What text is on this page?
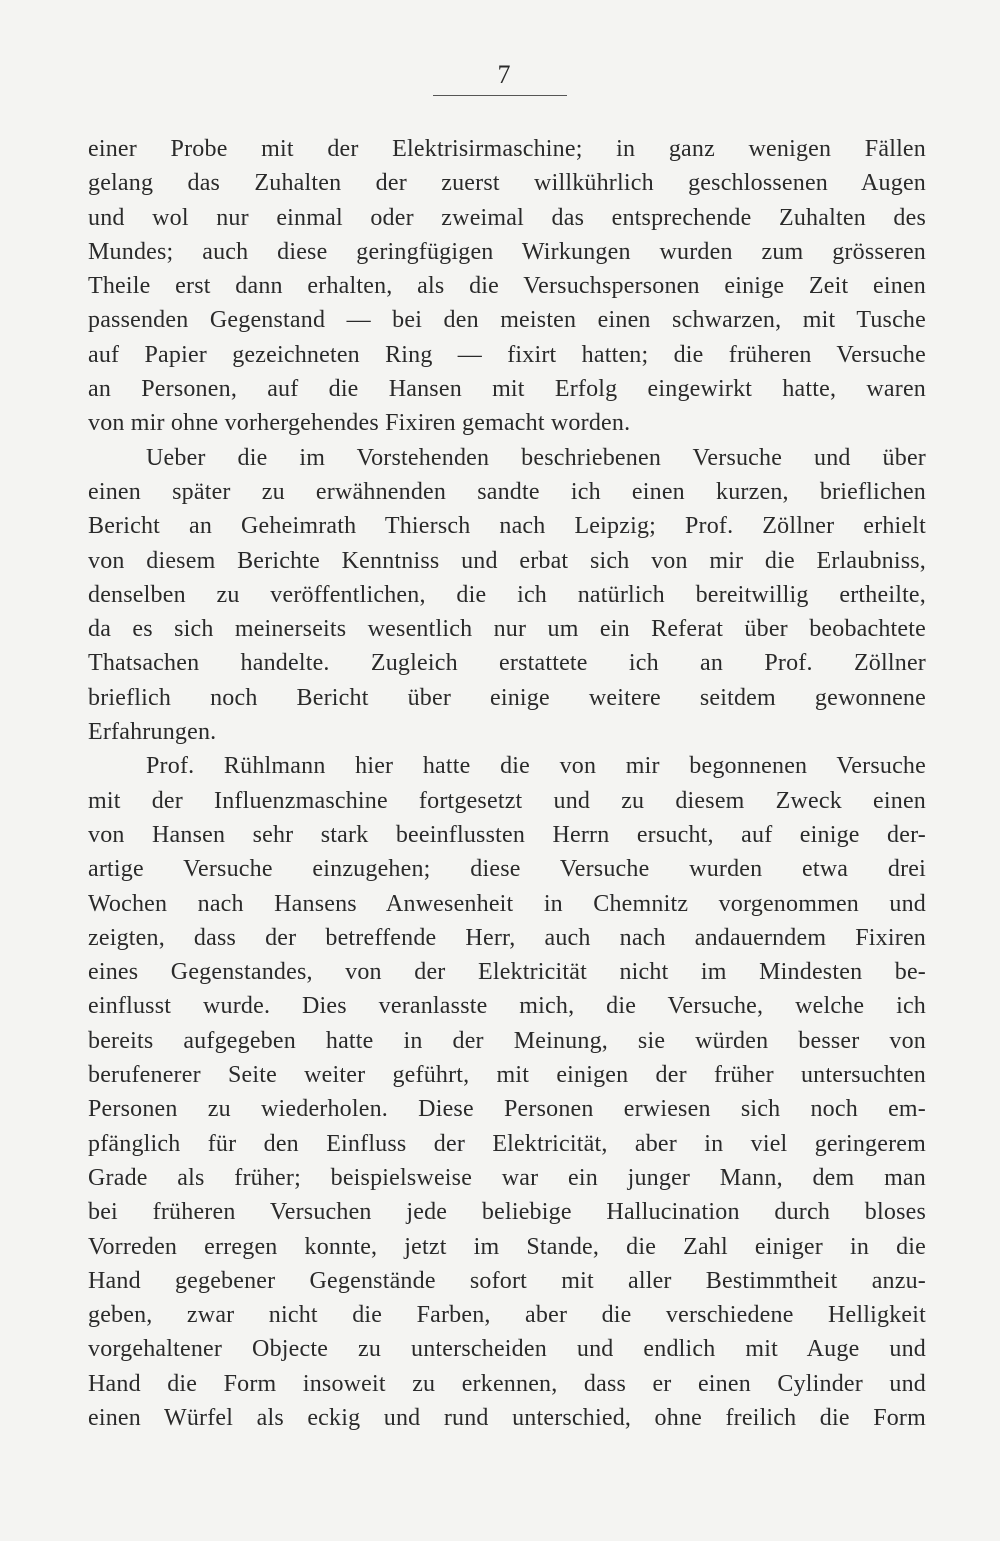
7
einer Probe mit der Elektrisirmaschine; in ganz wenigen Fällen
gelang das Zuhalten der zuerst willkührlich geschlossenen Augen
und wol nur einmal oder zweimal das entsprechende Zuhalten des
Mundes; auch diese geringfügigen Wirkungen wurden zum grösseren
Theile erst dann erhalten, als die Versuchspersonen einige Zeit einen
passenden Gegenstand — bei den meisten einen schwarzen, mit Tusche
auf Papier gezeichneten Ring — fixirt hatten; die früheren Versuche
an Personen, auf die Hansen mit Erfolg eingewirkt hatte, waren
von mir ohne vorhergehendes Fixiren gemacht worden.
Ueber die im Vorstehenden beschriebenen Versuche und über
einen später zu erwähnenden sandte ich einen kurzen, brieflichen
Bericht an Geheimrath Thiersch nach Leipzig; Prof. Zöllner erhielt
von diesem Berichte Kenntniss und erbat sich von mir die Erlaubniss,
denselben zu veröffentlichen, die ich natürlich bereitwillig ertheilte,
da es sich meinerseits wesentlich nur um ein Referat über beobachtete
Thatsachen handelte. Zugleich erstattete ich an Prof. Zöllner
brieflich noch Bericht über einige weitere seitdem gewonnene
Erfahrungen.
Prof. Rühlmann hier hatte die von mir begonnenen Versuche
mit der Influenzmaschine fortgesetzt und zu diesem Zweck einen
von Hansen sehr stark beeinflussten Herrn ersucht, auf einige der-
artige Versuche einzugehen; diese Versuche wurden etwa drei
Wochen nach Hansens Anwesenheit in Chemnitz vorgenommen und
zeigten, dass der betreffende Herr, auch nach andauerndem Fixiren
eines Gegenstandes, von der Elektricität nicht im Mindesten be-
einflusst wurde. Dies veranlasste mich, die Versuche, welche ich
bereits aufgegeben hatte in der Meinung, sie würden besser von
berufenerer Seite weiter geführt, mit einigen der früher untersuchten
Personen zu wiederholen. Diese Personen erwiesen sich noch em-
pfänglich für den Einfluss der Elektricität, aber in viel geringerem
Grade als früher; beispielsweise war ein junger Mann, dem man
bei früheren Versuchen jede beliebige Hallucination durch bloses
Vorreden erregen konnte, jetzt im Stande, die Zahl einiger in die
Hand gegebener Gegenstände sofort mit aller Bestimmtheit anzu-
geben, zwar nicht die Farben, aber die verschiedene Helligkeit
vorgehaltener Objecte zu unterscheiden und endlich mit Auge und
Hand die Form insoweit zu erkennen, dass er einen Cylinder und
einen Würfel als eckig und rund unterschied, ohne freilich die Form
